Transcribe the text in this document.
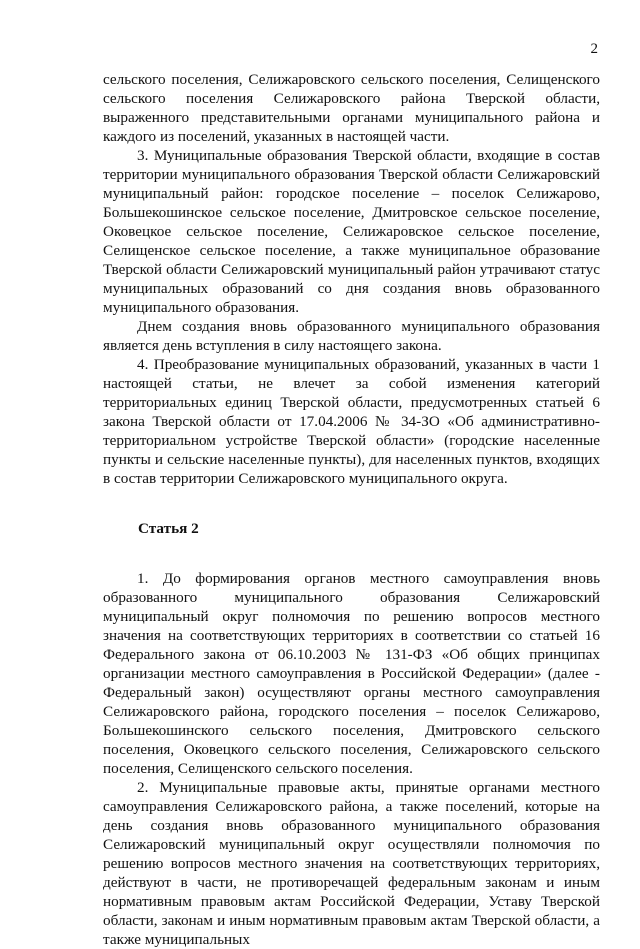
2

сельского поселения, Селижаровского сельского поселения, Селищенского сельского поселения Селижаровского района Тверской области, выраженного представительными органами муниципального района и каждого из поселений, указанных в настоящей части.

3. Муниципальные образования Тверской области, входящие в состав территории муниципального образования Тверской области Селижаровский муниципальный район: городское поселение – поселок Селижарово, Большекошинское сельское поселение, Дмитровское сельское поселение, Оковецкое сельское поселение, Селижаровское сельское поселение, Селищенское сельское поселение, а также муниципальное образование Тверской области Селижаровский муниципальный район утрачивают статус муниципальных образований со дня создания вновь образованного муниципального образования.

Днем создания вновь образованного муниципального образования является день вступления в силу настоящего закона.

4. Преобразование муниципальных образований, указанных в части 1 настоящей статьи, не влечет за собой изменения категорий территориальных единиц Тверской области, предусмотренных статьей 6 закона Тверской области от 17.04.2006 № 34-ЗО «Об административно-территориальном устройстве Тверской области» (городские населенные пункты и сельские населенные пункты), для населенных пунктов, входящих в состав территории Селижаровского муниципального округа.

Статья 2

1. До формирования органов местного самоуправления вновь образованного муниципального образования Селижаровский муниципальный округ полномочия по решению вопросов местного значения на соответствующих территориях в соответствии со статьей 16 Федерального закона от 06.10.2003 № 131-ФЗ «Об общих принципах организации местного самоуправления в Российской Федерации» (далее - Федеральный закон) осуществляют органы местного самоуправления Селижаровского района, городского поселения – поселок Селижарово, Большекошинского сельского поселения, Дмитровского сельского поселения, Оковецкого сельского поселения, Селижаровского сельского поселения, Селищенского сельского поселения.

2. Муниципальные правовые акты, принятые органами местного самоуправления Селижаровского района, а также поселений, которые на день создания вновь образованного муниципального образования Селижаровский муниципальный округ осуществляли полномочия по решению вопросов местного значения на соответствующих территориях, действуют в части, не противоречащей федеральным законам и иным нормативным правовым актам Российской Федерации, Уставу Тверской области, законам и иным нормативным правовым актам Тверской области, а также муниципальных
